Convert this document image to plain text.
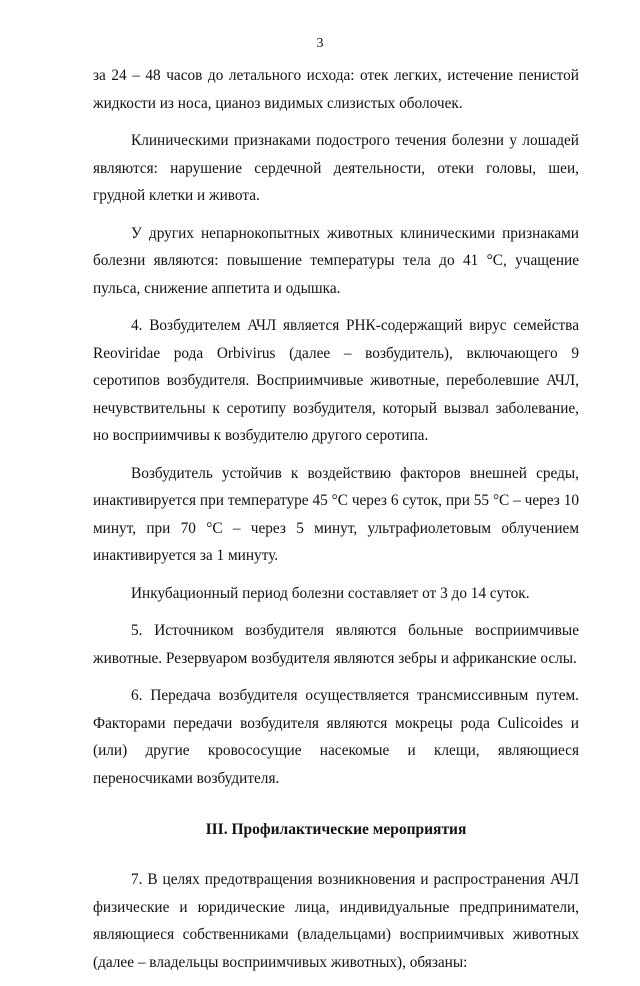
3

за 24 – 48 часов до летального исхода: отек легких, истечение пенистой жидкости из носа, цианоз видимых слизистых оболочек.

Клиническими признаками подострого течения болезни у лошадей являются: нарушение сердечной деятельности, отеки головы, шеи, грудной клетки и живота.

У других непарнокопытных животных клиническими признаками болезни являются: повышение температуры тела до 41 °С, учащение пульса, снижение аппетита и одышка.

4. Возбудителем АЧЛ является РНК-содержащий вирус семейства Reoviridae рода Orbivirus (далее – возбудитель), включающего 9 серотипов возбудителя. Восприимчивые животные, переболевшие АЧЛ, нечувствительны к серотипу возбудителя, который вызвал заболевание, но восприимчивы к возбудителю другого серотипа.

Возбудитель устойчив к воздействию факторов внешней среды, инактивируется при температуре 45 °С через 6 суток, при 55 °С – через 10 минут, при 70 °С – через 5 минут, ультрафиолетовым облучением инактивируется за 1 минуту.

Инкубационный период болезни составляет от 3 до 14 суток.

5. Источником возбудителя являются больные восприимчивые животные. Резервуаром возбудителя являются зебры и африканские ослы.

6. Передача возбудителя осуществляется трансмиссивным путем. Факторами передачи возбудителя являются мокрецы рода Culicoides и (или) другие кровососущие насекомые и клещи, являющиеся переносчиками возбудителя.

III. Профилактические мероприятия

7. В целях предотвращения возникновения и распространения АЧЛ физические и юридические лица, индивидуальные предприниматели, являющиеся собственниками (владельцами) восприимчивых животных (далее – владельцы восприимчивых животных), обязаны:
